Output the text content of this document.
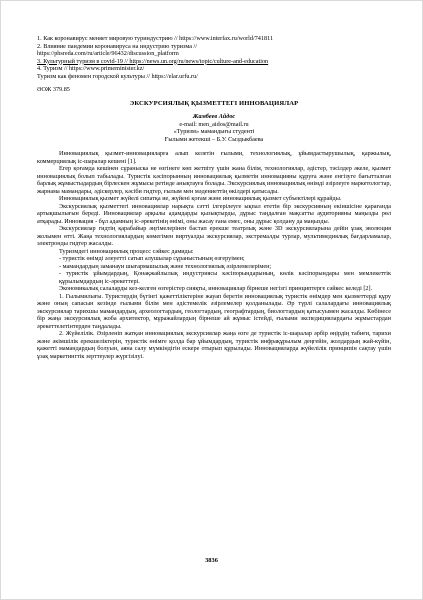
1. Как коронавирус меняет мировую туриндустрию // https://www.interfax.ru/world/741811
2. Влияние пандемии коронавируса на индустрию туризма //
https://phsreda.com/ru/article/96432/discussion_platform
3. Культурный туризм в covid-19 // https://news.un.org/ru/news/topic/culture-and-education
4. Туризм // https://www.primeminister.kz/
Туризм как феномен городской культуры // https://elar.urfu.ru/
ӘОЖ 379.85
ЭКСКУРСИЯЛЫҚ ҚЫЗМЕТТЕГІ ИННОВАЦИЯЛАР
Жамбеев Айдос
e-mail: men_aidos@mail.ru
«Туризм» мамандығы студенті
Ғылыми жетекші – Б.У. Сыздыкбаева

Инновациялық қызмет-инновацияларға алып келетін ғылыми, технологиялық, ұйымдастырушылық, қаржылық, коммерциялық іс-шаралар кешені [1].

Егер қоғамда кешінен сұраныска не өзгінеге көп жетпіту үшін жана білім, технологиялар, әдістер, тәсілдер әкеле, қызмет инновациялық болып табылады. Туристік кәсіпорынның инновациялық қызметін инновацияны құруға және енгізуге бағытталған барлық жұмыстыдардың бірлескен жұмысы ретінде анықтауға болады. Экскурсиялық инновациялық өнімді әзірлеуге маркетологтар, жарнама мамандары, әдіскерлер, кәсіби гидтер, ғылым мен мәдениеттің өкілдері қатысады.

Инновациялық қызмет жүйелі сипатқа ие, жүйені қоғам және инновациялық қызмет субъектілері құрайды.

Экскурсиялық қызметтегі инновациялар нарықта сәтті ілгерілеуге ықпал ететін бір экскурсияның екіншісіне қарағанда артықшылығын береді. Инновациялар арқылы адамдарды қызықтырды, дұрыс таңдалған мақсатты аудиторияны маңызды рөл атқарады. Инновация - бұл адамның іс-әрекетінің өнімі, оны жасау ғана емес, оны дұрыс қолдану да маңызды.

Экскурсиялар гидтің қарабайыр әңгімелерінен бастап ерекше театрлық және 3D экскурсияларына дейін ұзақ эволюция жолымен өтті. Жаңа технологиялардың көмегімен виртуалды экскурсиялар, экстремалды турлар, мультимедиялық бағдарламалар, электронды гидтер жасалды.

Туризмдегі инновациялық процесс сәйкес дамиды:

- туристік өнімді әлеуетті сатып алушылар сұраныстының өзгеруімен;

- мамандардың заманауи шығармашылық және технологиялық әзірлемелерімен;

- туристік ұйымдардың, Қонақжайлылық индустриясы кәсіпорындарының, көлік кәсіпорындары мен мемлекеттік құрылымдардың іс-әрекеттері.

Экономикалық салаларды кез-келген өзгерістер сияқты, инновациялар бірнеше негізгі принциптерге сәйкес келеді [2].

1. Гылымилығы. Туристердің бүгінгі қажеттіліктеріне жауап беретін инновациялық туристік өнімдер мен қызметтерді құру және оның сапасын кезінде ғылыми білім мен әдістемелік әзірлемелер қолданылады. Әр түрлі салалардағы инновациялық экскурсиялар тарихшы мамандардың, археологтардың, геологтардың, географтардың, биологтардың қатысуымен жасалды. Көбінесе бір жаңа экскурсиялық жоба архитектор, мұражайлардың бірнеше ай жұмыс істейді, ғылыми экспедициялардағы жұмыстардан әрекеттелетінтерден таңдалады.

2. Жүйелілік. Әзірленіп жатқан инновациялық экскурсиялар жаңа өзге де туристік іс-шаралар әрбір өңірдің табиғи, тарихи және әкімшілік ерекшеліктерін, туристік өнімге қолда бар ұйымдардың, туристік инфрақұрылым деңгейін, жолдардың жай-күйін, қажетті мамандардың болуын, аяна салу мүмкіндігін ескере отырып құрылады. Инновацияларда жүйелілік принципін сақтау үшін ұзақ маркетингтік зерттеулер жүргізілуі.

3836
